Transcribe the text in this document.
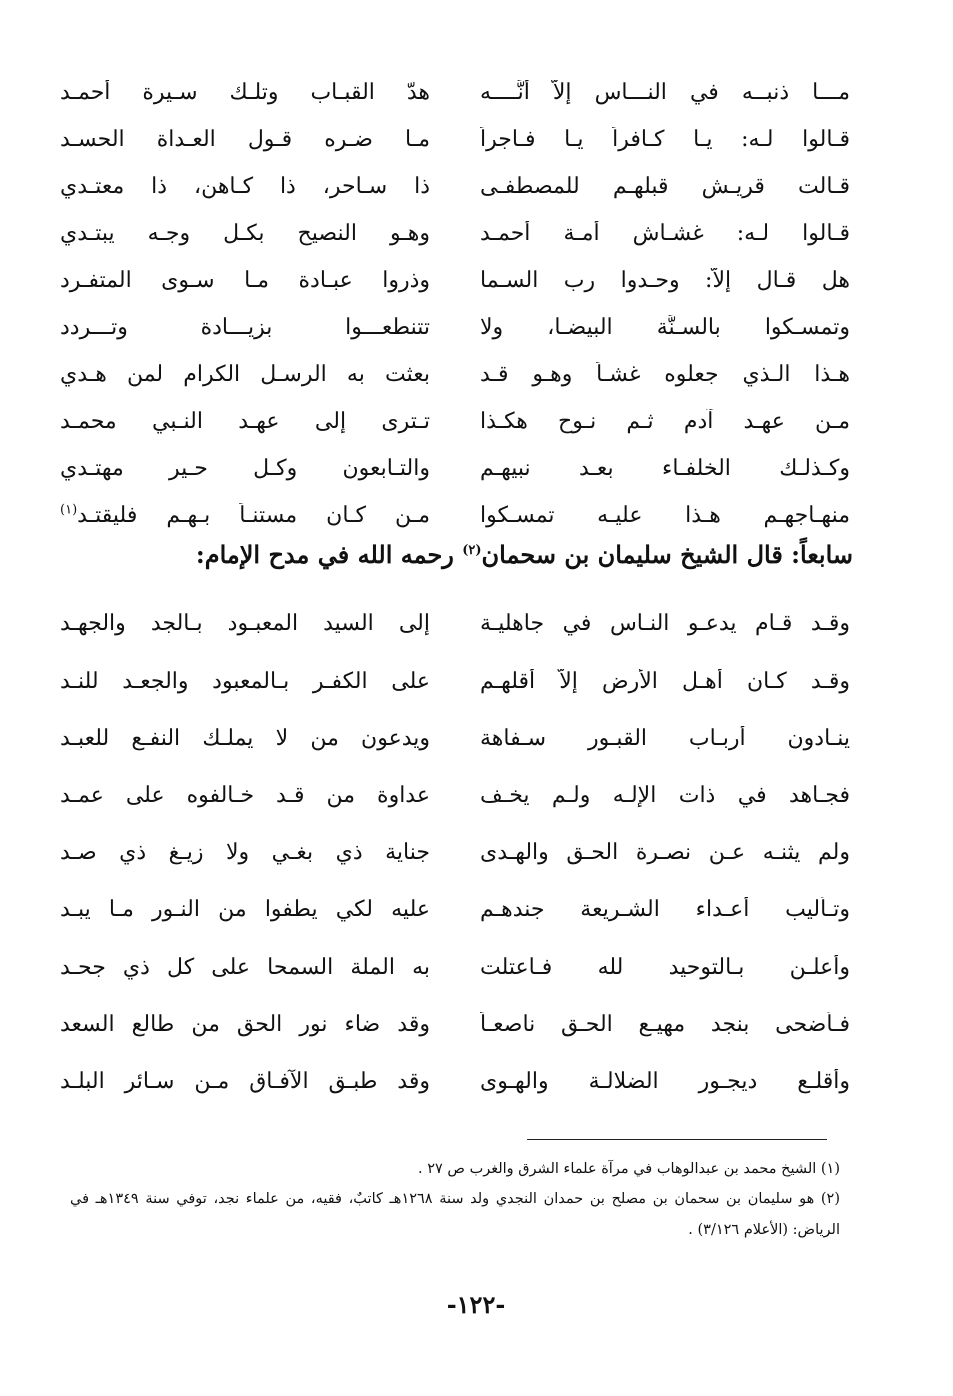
مـــا ذنبــه في النـــاس إلاَّ أنَّــــه
هدّ القبـاب وتلـك سـيرة أحمـد
قـالوا لـه: يـا كـافراً يـا فـاجراً
مـا ضـره قـول العـداة الحسـد
قـالت قريـش قبلهـم للمصطفـى
ذا سـاحر، ذا كـاهن، ذا معتـدي
قـالوا لـه: غشـاش أمـة أحمـد
وهـو النصيح بكـل وجـه يبتـدي
هل قـال إلاَّ: وحـدوا رب السـما
وذروا عبـادة مـا سـوى المتفـرد
وتمسـكوا بالسـنَّة البيضـا، ولا
تتنطعـــوا بزيـــادة وتـــردد
هـذا الـذي جعلوه غشـاً وهـو قـد
بعثت به الرسـل الكرام لمن هـدي
مـن عهـد آدم ثـم نـوح هكـذا
تـترى إلى عهـد النـبي محمـد
وكـذلـك الخلفـاء بعـد نبيهـم
والتـابعون وكـل حـير مهتـدي
منهـاجهـم هـذا عليـه تمسـكوا
مـن كـان مستنـاً بـهـم فليقتـد$^{(١)}$
سابعاً: قال الشيخ سليمان بن سحمان$^{(٢)}$ رحمه الله في مدح الإمام:
وقـد قـام يدعـو النـاس في جاهليـة
إلى السيد المعبـود بـالجد والجهـد
وقـد كـان أهـل الأرض إلاَّ أقلهـم
على الكفـر بـالمعبود والجعـد للنـد
ينـادون أربـاب القبـور سـفاهة
ويدعون من لا يملـك النفـع للعبـد
فجـاهد في ذات الإلـه ولـم يخـف
عداوة من قـد خـالفوه على عمـد
ولم يثنـه عـن نصـرة الحـق والهـدى
جناية ذي بغـي ولا زيـغ ذي صـد
وتـأليب أعـداء الشـريعة جندهـم
عليه لكي يطفوا من النـور مـا يبـد
وأعلـن بـالتوحيد لله فـاعتلت
به الملة السمحا على كل ذي جحـد
فـأضحى بنجد مهيـع الحـق ناصعـاً
وقد ضاء نور الحق من طالع السعد
وأقلـع ديجـور الضلالـة والهـوى
وقد طبـق الآفـاق مـن سـائر البلـد

(١) الشيخ محمد بن عبدالوهاب في مرآة علماء الشرق والغرب ص ٢٧ .

(٢) هو سليمان بن سحمان بن مصلح بن حمدان النجدي ولد سنة ١٢٦٨هـ كاتبٌ، فقيه، من علماء نجد، توفي سنة ١٣٤٩هـ في الرياض: (الأعلام ٣/١٢٦) .

-١٢٢-
